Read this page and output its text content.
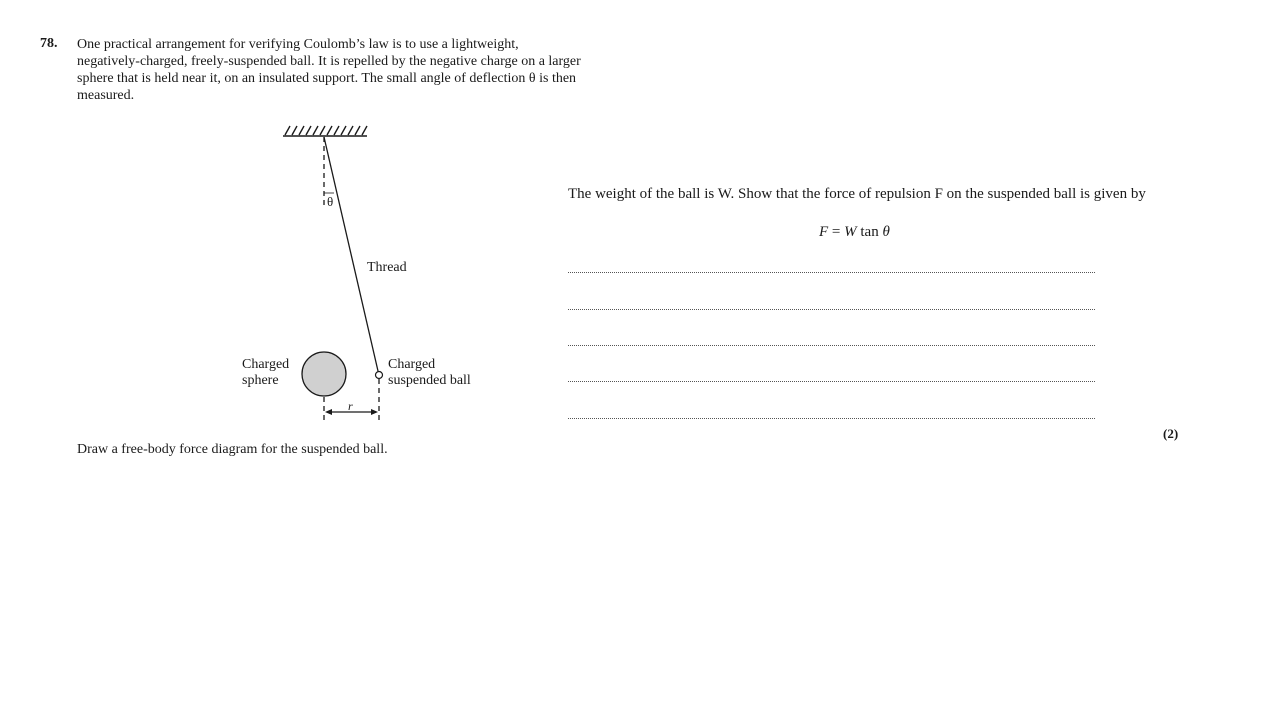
78. One practical arrangement for verifying Coulomb’s law is to use a lightweight,
negatively-charged, freely-suspended ball. It is repelled by the negative charge on a larger
sphere that is held near it, on an insulated support. The small angle of deflection θ is then
measured.
θ
Thread
Charged
sphere
Charged
suspended ball
r
The weight of the ball is W. Show that the force of repulsion F on the suspended ball is given by
F = W tan θ
(2)
Draw a free-body force diagram for the suspended ball.
